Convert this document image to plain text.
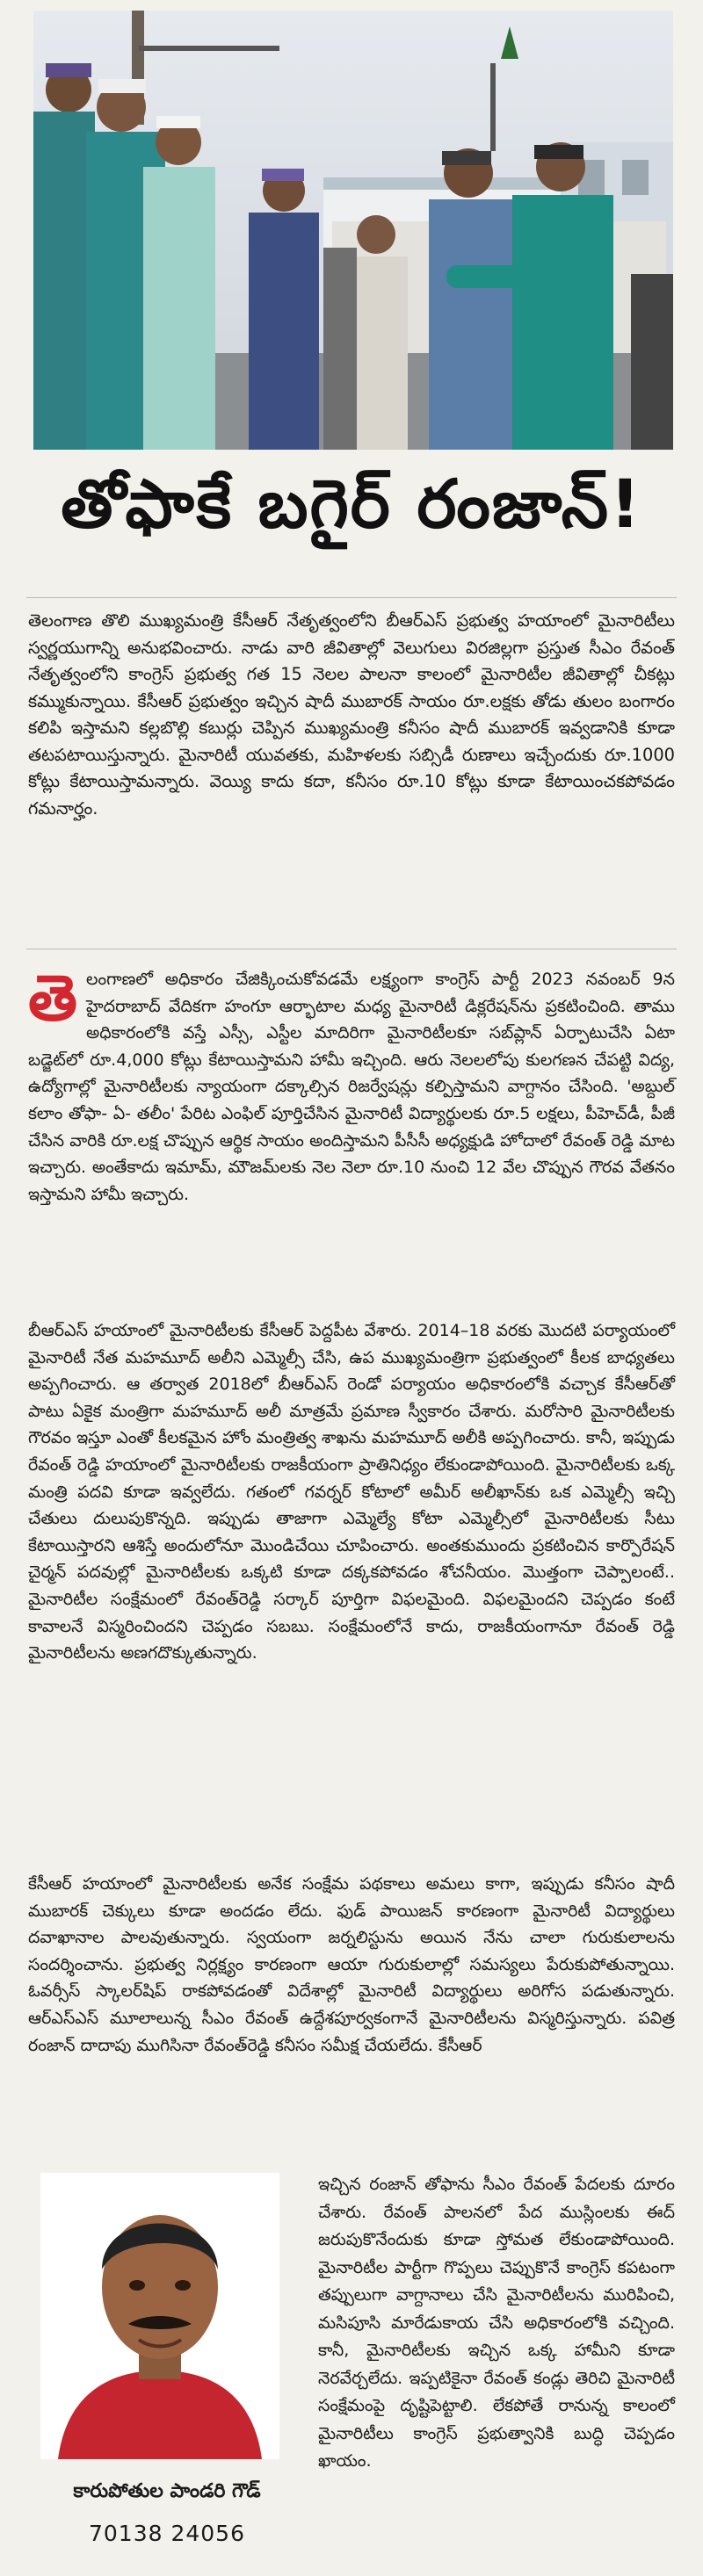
తోఫాకే బగైర్ రంజాన్!
తెలంగాణ తొలి ముఖ్యమంత్రి కేసీఆర్ నేతృత్వంలోని బీఆర్ఎస్ ప్రభుత్వ హయాంలో మైనారిటీలు స్వర్ణయుగాన్ని అనుభవించారు. నాడు వారి జీవితాల్లో వెలుగులు విరజిల్లగా ప్రస్తుత సీఎం రేవంత్ నేతృత్వంలోని కాంగ్రెస్ ప్రభుత్వ గత 15 నెలల పాలనా కాలంలో మైనారిటీల జీవితాల్లో చీకట్లు కమ్ముకున్నాయి. కేసీఆర్ ప్రభుత్వం ఇచ్చిన షాదీ ముబారక్ సాయం రూ.లక్షకు తోడు తులం బంగారం కలిపి ఇస్తామని కల్లబొల్లి కబుర్లు చెప్పిన ముఖ్యమంత్రి కనీసం షాదీ ముబారక్ ఇవ్వడానికి కూడా తటపటాయిస్తున్నారు. మైనారిటీ యువతకు, మహిళలకు సబ్సిడీ రుణాలు ఇచ్చేందుకు రూ.1000 కోట్లు కేటాయిస్తామన్నారు. వెయ్యి కాదు కదా, కనీసం రూ.10 కోట్లు కూడా కేటాయించకపోవడం గమనార్హం.
తెలంగాణలో అధికారం చేజిక్కించుకోవడమే లక్ష్యంగా కాంగ్రెస్ పార్టీ 2023 నవంబర్ 9న హైదరాబాద్ వేదికగా హంగూ ఆర్భాటాల మధ్య మైనారిటీ డిక్లరేషన్‌ను ప్రకటించింది. తాము అధికారంలోకి వస్తే ఎస్సీ, ఎస్టీల మాదిరిగా మైనారిటీలకూ సబ్‌ప్లాన్ ఏర్పాటుచేసి ఏటా బడ్జెట్‌లో రూ.4,000 కోట్లు కేటాయిస్తామని హామీ ఇచ్చింది. ఆరు నెలలలోపు కులగణన చేపట్టి విద్య, ఉద్యోగాల్లో మైనారిటీలకు న్యాయంగా దక్కాల్సిన రిజర్వేషన్లు కల్పిస్తామని వాగ్దానం చేసింది. 'అబ్దుల్ కలాం తోఫా- ఏ- తలీం' పేరిట ఎంఫిల్ పూర్తిచేసిన మైనారిటీ విద్యార్థులకు రూ.5 లక్షలు, పీహెచ్‌డీ, పీజీ చేసిన వారికి రూ.లక్ష చొప్పున ఆర్థిక సాయం అందిస్తామని పీసీసీ అధ్యక్షుడి హోదాలో రేవంత్ రెడ్డి మాట ఇచ్చారు. అంతేకాదు ఇమామ్, మౌజమ్‌లకు నెల నెలా రూ.10 నుంచి 12 వేల చొప్పున గౌరవ వేతనం ఇస్తామని హామీ ఇచ్చారు.
బీఆర్ఎస్ హయాంలో మైనారిటీలకు కేసీఆర్ పెద్దపీట వేశారు. 2014–18 వరకు మొదటి పర్యాయంలో మైనారిటీ నేత మహమూద్ అలీని ఎమ్మెల్సీ చేసి, ఉప ముఖ్యమంత్రిగా ప్రభుత్వంలో కీలక బాధ్యతలు అప్పగించారు. ఆ తర్వాత 2018లో బీఆర్ఎస్ రెండో పర్యాయం అధికారంలోకి వచ్చాక కేసీఆర్‌తో పాటు ఏకైక మంత్రిగా మహమూద్ అలీ మాత్రమే ప్రమాణ స్వీకారం చేశారు. మరోసారి మైనారిటీలకు గౌరవం ఇస్తూ ఎంతో కీలకమైన హోం మంత్రిత్వ శాఖను మహమూద్ అలీకి అప్పగించారు. కానీ, ఇప్పుడు రేవంత్ రెడ్డి హయాంలో మైనారిటీలకు రాజకీయంగా ప్రాతినిధ్యం లేకుండాపోయింది. మైనారిటీలకు ఒక్క మంత్రి పదవి కూడా ఇవ్వలేదు. గతంలో గవర్నర్ కోటాలో అమీర్ అలీఖాన్‌కు ఒక ఎమ్మెల్సీ ఇచ్చి చేతులు దులుపుకొన్నది. ఇప్పుడు తాజాగా ఎమ్మెల్యే కోటా ఎమ్మెల్సీలో మైనారిటీలకు సీటు కేటాయిస్తారని ఆశిస్తే అందులోనూ మొండిచేయి చూపించారు. అంతకుముందు ప్రకటించిన కార్పొరేషన్ చైర్మన్ పదవుల్లో మైనారిటీలకు ఒక్కటి కూడా దక్కకపోవడం శోచనీయం. మొత్తంగా చెప్పాలంటే.. మైనారిటీల సంక్షేమంలో రేవంత్‌రెడ్డి సర్కార్ పూర్తిగా విఫలమైంది. విఫలమైందని చెప్పడం కంటే కావాలనే విస్మరించిందని చెప్పడం సబబు. సంక్షేమంలోనే కాదు, రాజకీయంగానూ రేవంత్ రెడ్డి మైనారిటీలను అణగదొక్కుతున్నారు.
కేసీఆర్ హయాంలో మైనారిటీలకు అనేక సంక్షేమ పథకాలు అమలు కాగా, ఇప్పుడు కనీసం షాదీ ముబారక్ చెక్కులు కూడా అందడం లేదు. ఫుడ్ పాయిజన్ కారణంగా మైనారిటీ విద్యార్థులు దవాఖానాల పాలవుతున్నారు. స్వయంగా జర్నలిస్టును అయిన నేను చాలా గురుకులాలను సందర్శించాను. ప్రభుత్వ నిర్లక్ష్యం కారణంగా ఆయా గురుకులాల్లో సమస్యలు పేరుకుపోతున్నాయి. ఓవర్సీస్ స్కాలర్‌షిప్ రాకపోవడంతో విదేశాల్లో మైనారిటీ విద్యార్థులు అరిగోస పడుతున్నారు. ఆర్ఎస్ఎస్ మూలాలున్న సీఎం రేవంత్ ఉద్దేశపూర్వకంగానే మైనారిటీలను విస్మరిస్తున్నారు. పవిత్ర రంజాన్ దాదాపు ముగిసినా రేవంత్‌రెడ్డి కనీసం సమీక్ష చేయలేదు. కేసీఆర్
ఇచ్చిన రంజాన్ తోఫాను సీఎం రేవంత్ పేదలకు దూరం చేశారు. రేవంత్ పాలనలో పేద ముస్లింలకు ఈద్ జరుపుకొనేందుకు కూడా స్తోమత లేకుండాపోయింది. మైనారిటీల పార్టీగా గొప్పలు చెప్పుకొనే కాంగ్రెస్ కపటంగా తప్పులుగా వాగ్దానాలు చేసి మైనారిటీలను మురిపించి, మసిపూసి మారేడుకాయ చేసి అధికారంలోకి వచ్చింది. కానీ, మైనారిటీలకు ఇచ్చిన ఒక్క హామీని కూడా నెరవేర్చలేదు. ఇప్పటికైనా రేవంత్ కండ్లు తెరిచి మైనారిటీ సంక్షేమంపై దృష్టిపెట్టాలి. లేకపోతే రానున్న కాలంలో మైనారిటీలు కాంగ్రెస్ ప్రభుత్వానికి బుద్ధి చెప్పడం ఖాయం.
కారుపోతుల పాండరి గౌడ్
70138 24056
